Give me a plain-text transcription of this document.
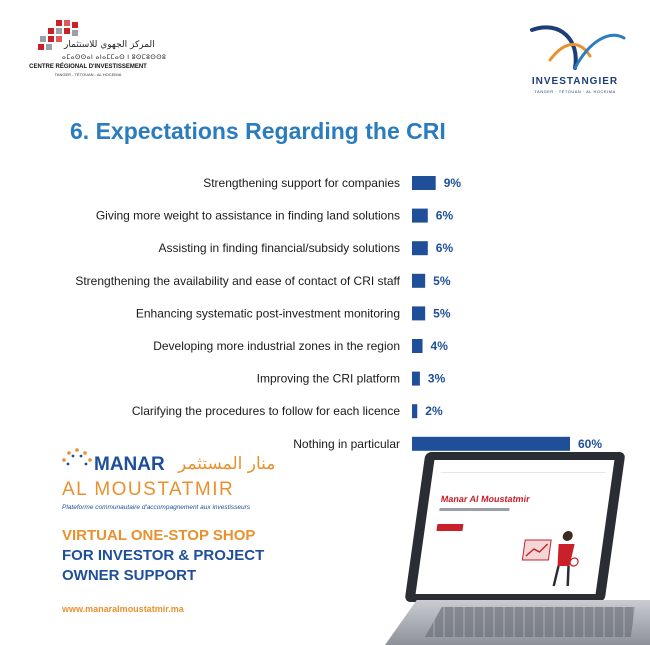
المركز الجهوي للاستثمار
ⴰⵎⴰⵙⵙⴰⵏ ⴰⵏⴰⵎⵎⴰⵙ ⵏ ⵓⵙⵎⵓⵙⵙⵓ
CENTRE RÉGIONAL D'INVESTISSEMENT
TANGER - TÉTOUAN - AL HOCEIMA
INVESTANGIER
TANGER · TÉTOUAN · AL HOCEIMA
6. Expectations Regarding the CRI
Strengthening support for companies	9%
Giving more weight to assistance in finding land solutions	6%
Assisting in finding financial/subsidy solutions	6%
Strengthening the availability and ease of contact of CRI staff	5%
Enhancing systematic post-investment monitoring	5%
Developing more industrial zones in the region	4%
Improving the CRI platform 3%
Clarifying the procedures to follow for each licence 2%
Nothing in particular	60%
MANAR منار المستثمر
AL MOUSTATMIR
Plateforme communautaire d'accompagnement aux investisseurs
VIRTUAL ONE-STOP SHOP
FOR INVESTOR & PROJECT
OWNER SUPPORT
www.manaralmoustatmir.ma
Manar Al Moustatmir
